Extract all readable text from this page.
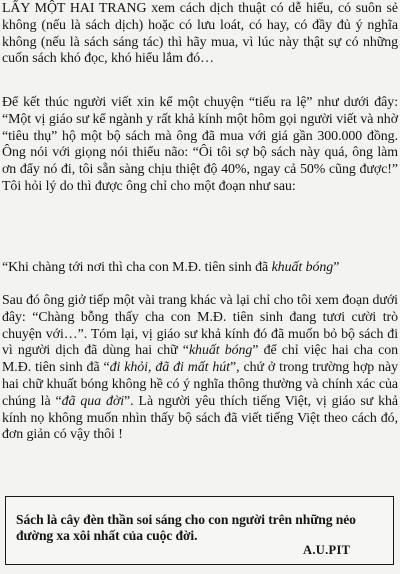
LẤY MỘT HAI TRANG xem cách dịch thuật có dễ hiểu, có suôn sẻ không (nếu là sách dịch) hoặc có lưu loát, có hay, có đầy đủ ý nghĩa không (nếu là sách sáng tác) thì hãy mua, vì lúc này thật sự có những cuốn sách khó đọc, khó hiểu lắm đó…

Để kết thúc người viết xin kể một chuyện “tiếu ra lệ” như dưới đây: “Một vị giáo sư kể ngành y rất khả kính một hôm gọi người viết và nhờ “tiêu thụ” hộ một bộ sách mà ông đã mua với giá gần 300.000 đồng. Ông nói với giọng nói thiểu não: “Ôi tôi sợ bộ sách này quá, ông làm ơn đẩy nó đi, tôi sẵn sàng chịu thiệt độ 40%, ngay cả 50% cũng được!” Tôi hỏi lý do thì được ông chỉ cho một đoạn như sau:

“Khi chàng tới nơi thì cha con M.Đ. tiên sinh đã khuất bóng”

Sau đó ông giở tiếp một vài trang khác và lại chỉ cho tôi xem đoạn dưới đây: “Chàng bỗng thấy cha con M.Đ. tiên sinh đang tươi cười trò chuyện với…”. Tóm lại, vị giáo sư khả kính đó đã muốn bỏ bộ sách đi vì người dịch đã dùng hai chữ “khuất bóng” để chỉ việc hai cha con M.Đ. tiên sinh đã “đi khỏi, đã đi mất hút”, chứ ở trong trường hợp này hai chữ khuất bóng không hề có ý nghĩa thông thường và chính xác của chúng là “đã qua đời”. Là người yêu thích tiếng Việt, vị giáo sư khả kính nọ không muốn nhìn thấy bộ sách đã viết tiếng Việt theo cách đó, đơn giản có vậy thôi !

Sách là cây đèn thần soi sáng cho con người trên những nẻo đường xa xôi nhất của cuộc đời.
A.U.PIT
